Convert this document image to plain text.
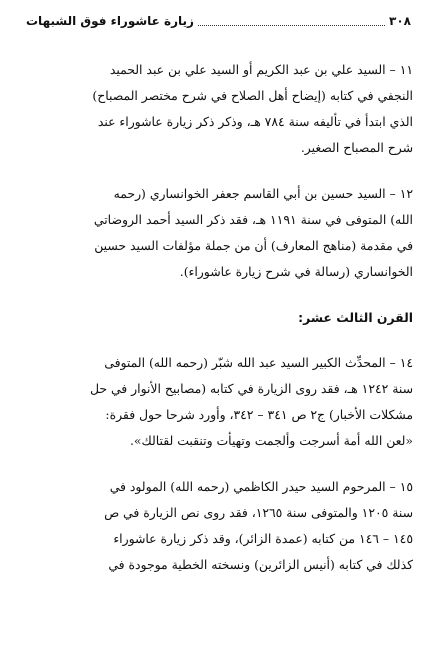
٣٠٨
زيارة عاشوراء فوق الشبهات
١١ – السيد علي بن عبد الكريم أو السيد علي بن عبد الحميد
النجفي في كتابه (إيضاح أهل الصلاح في شرح مختصر المصباح)
الذي ابتدأ في تأليفه سنة ٧٨٤ هـ، وذكر ذكر زيارة عاشوراء عند
شرح المصباح الصغير.
١٢ – السيد حسين بن أبي القاسم جعفر الخوانساري (رحمه
الله) المتوفى في سنة ١١٩١ هـ، فقد ذكر السيد أحمد الروضاتي
في مقدمة (مناهج المعارف) أن من جملة مؤلفات السيد حسين
الخوانساري (رسالة في شرح زيارة عاشوراء).
القرن الثالث عشر:
١٤ – المحدِّث الكبير السيد عبد الله شبّر (رحمه الله) المتوفى
سنة ١٢٤٢ هـ، فقد روى الزيارة في كتابه (مصابيح الأنوار في حل
مشكلات الأخبار) ج٢ ص ٣٤١ – ٣٤٢، وأورد شرحا حول فقرة:
«لعن الله أمة أسرجت وألجمت وتهيأت وتنقبت لقتالك».
١٥ – المرحوم السيد حيدر الكاظمي (رحمه الله) المولود في
سنة ١٢٠٥ والمتوفى سنة ١٢٦٥، فقد روى نص الزيارة في ص
١٤٥ – ١٤٦ من كتابه (عمدة الزائر)، وقد ذكر زيارة عاشوراء
كذلك في كتابه (أنيس الزائرين) ونسخته الخطية موجودة في
